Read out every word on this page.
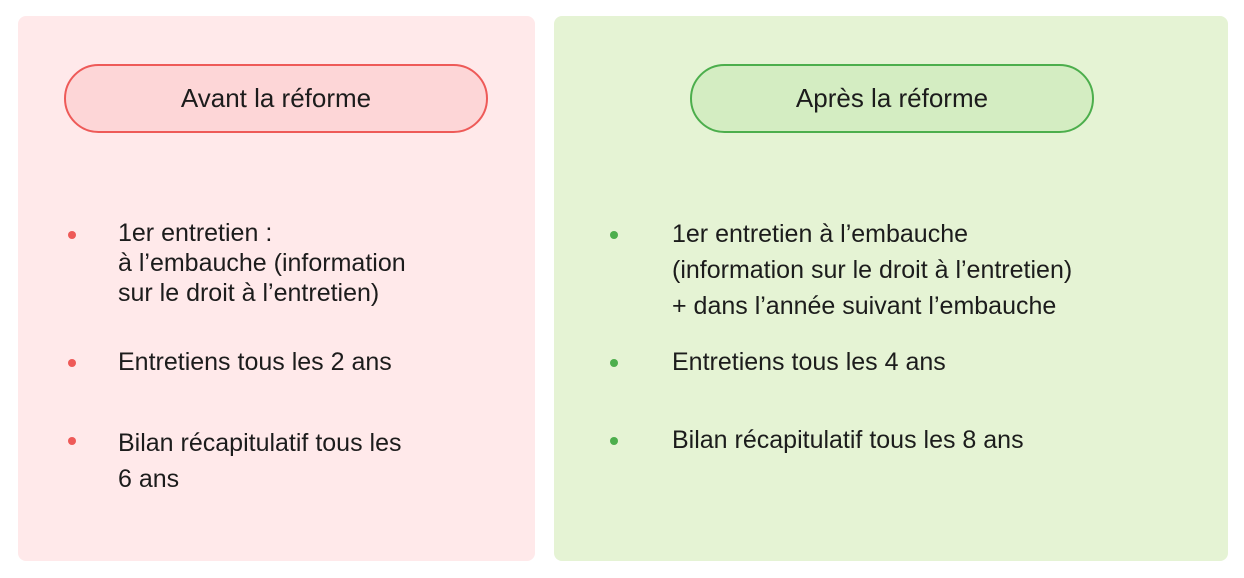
Avant la réforme
1er entretien :
à l’embauche (information
sur le droit à l’entretien)
Entretiens tous les 2 ans
Bilan récapitulatif tous les
6 ans
Après la réforme
1er entretien à l’embauche
(information sur le droit à l’entretien)
+ dans l’année suivant l’embauche
Entretiens tous les 4 ans
Bilan récapitulatif tous les 8 ans
